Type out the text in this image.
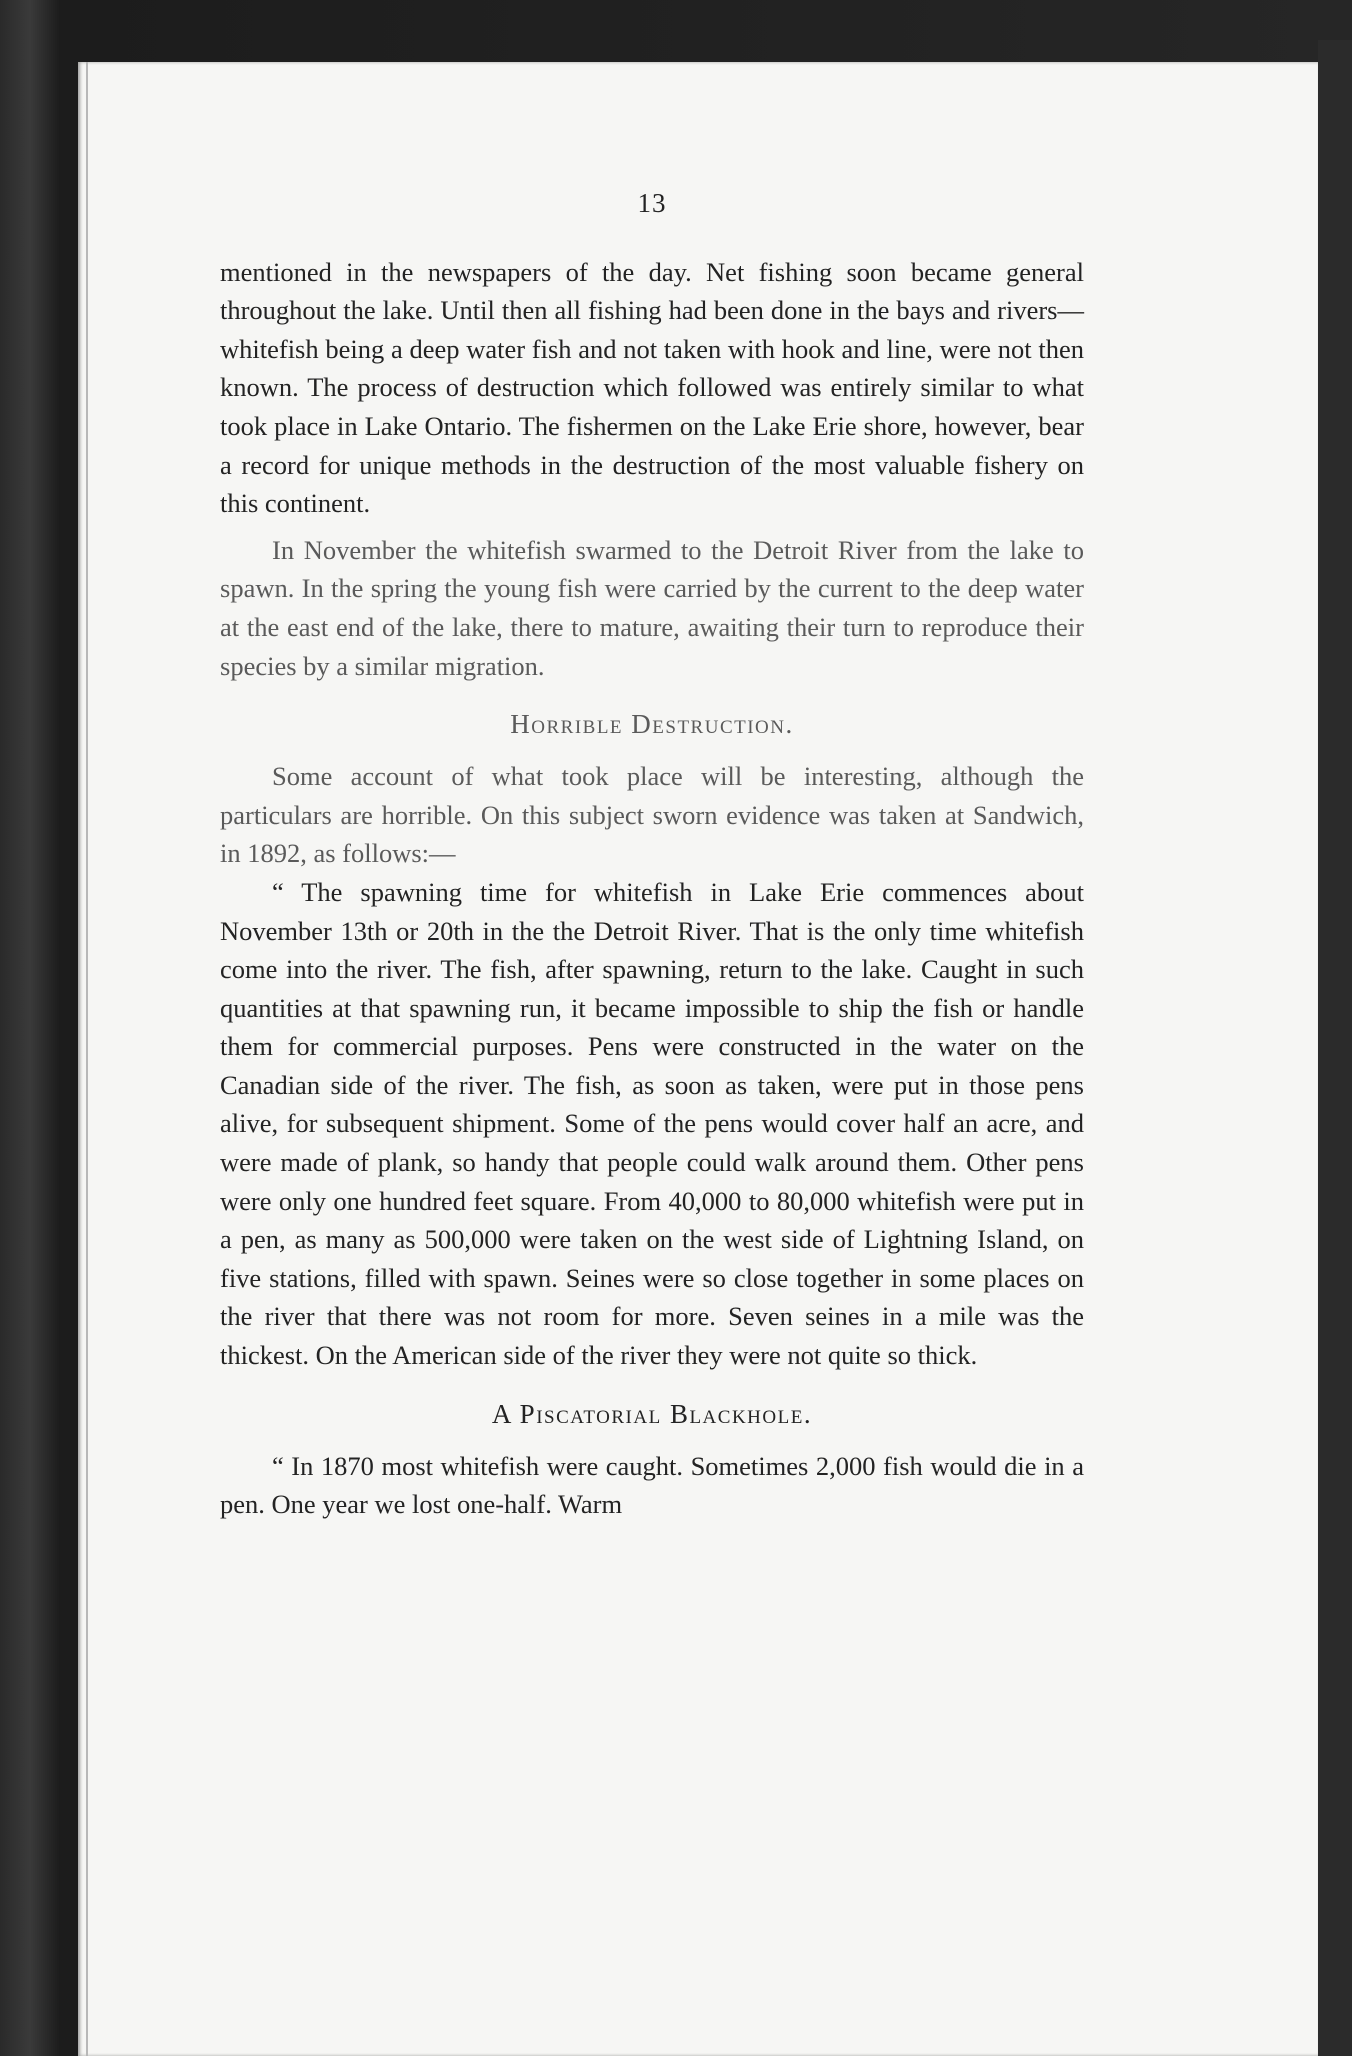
13

mentioned in the newspapers of the day. Net fishing soon became general throughout the lake. Until then all fishing had been done in the bays and rivers—whitefish being a deep water fish and not taken with hook and line, were not then known. The process of destruction which followed was entirely similar to what took place in Lake Ontario. The fishermen on the Lake Erie shore, however, bear a record for unique methods in the destruction of the most valuable fishery on this continent.

In November the whitefish swarmed to the Detroit River from the lake to spawn. In the spring the young fish were carried by the current to the deep water at the east end of the lake, there to mature, awaiting their turn to reproduce their species by a similar migration.

Horrible Destruction.

Some account of what took place will be interesting, although the particulars are horrible. On this subject sworn evidence was taken at Sandwich, in 1892, as follows:—

“ The spawning time for whitefish in Lake Erie commences about November 13th or 20th in the the Detroit River. That is the only time whitefish come into the river. The fish, after spawning, return to the lake. Caught in such quantities at that spawning run, it became impossible to ship the fish or handle them for commercial purposes. Pens were constructed in the water on the Canadian side of the river. The fish, as soon as taken, were put in those pens alive, for subsequent shipment. Some of the pens would cover half an acre, and were made of plank, so handy that people could walk around them. Other pens were only one hundred feet square. From 40,000 to 80,000 whitefish were put in a pen, as many as 500,000 were taken on the west side of Lightning Island, on five stations, filled with spawn. Seines were so close together in some places on the river that there was not room for more. Seven seines in a mile was the thickest. On the American side of the river they were not quite so thick.

A Piscatorial Blackhole.

“ In 1870 most whitefish were caught. Sometimes 2,000 fish would die in a pen. One year we lost one-half. Warm
